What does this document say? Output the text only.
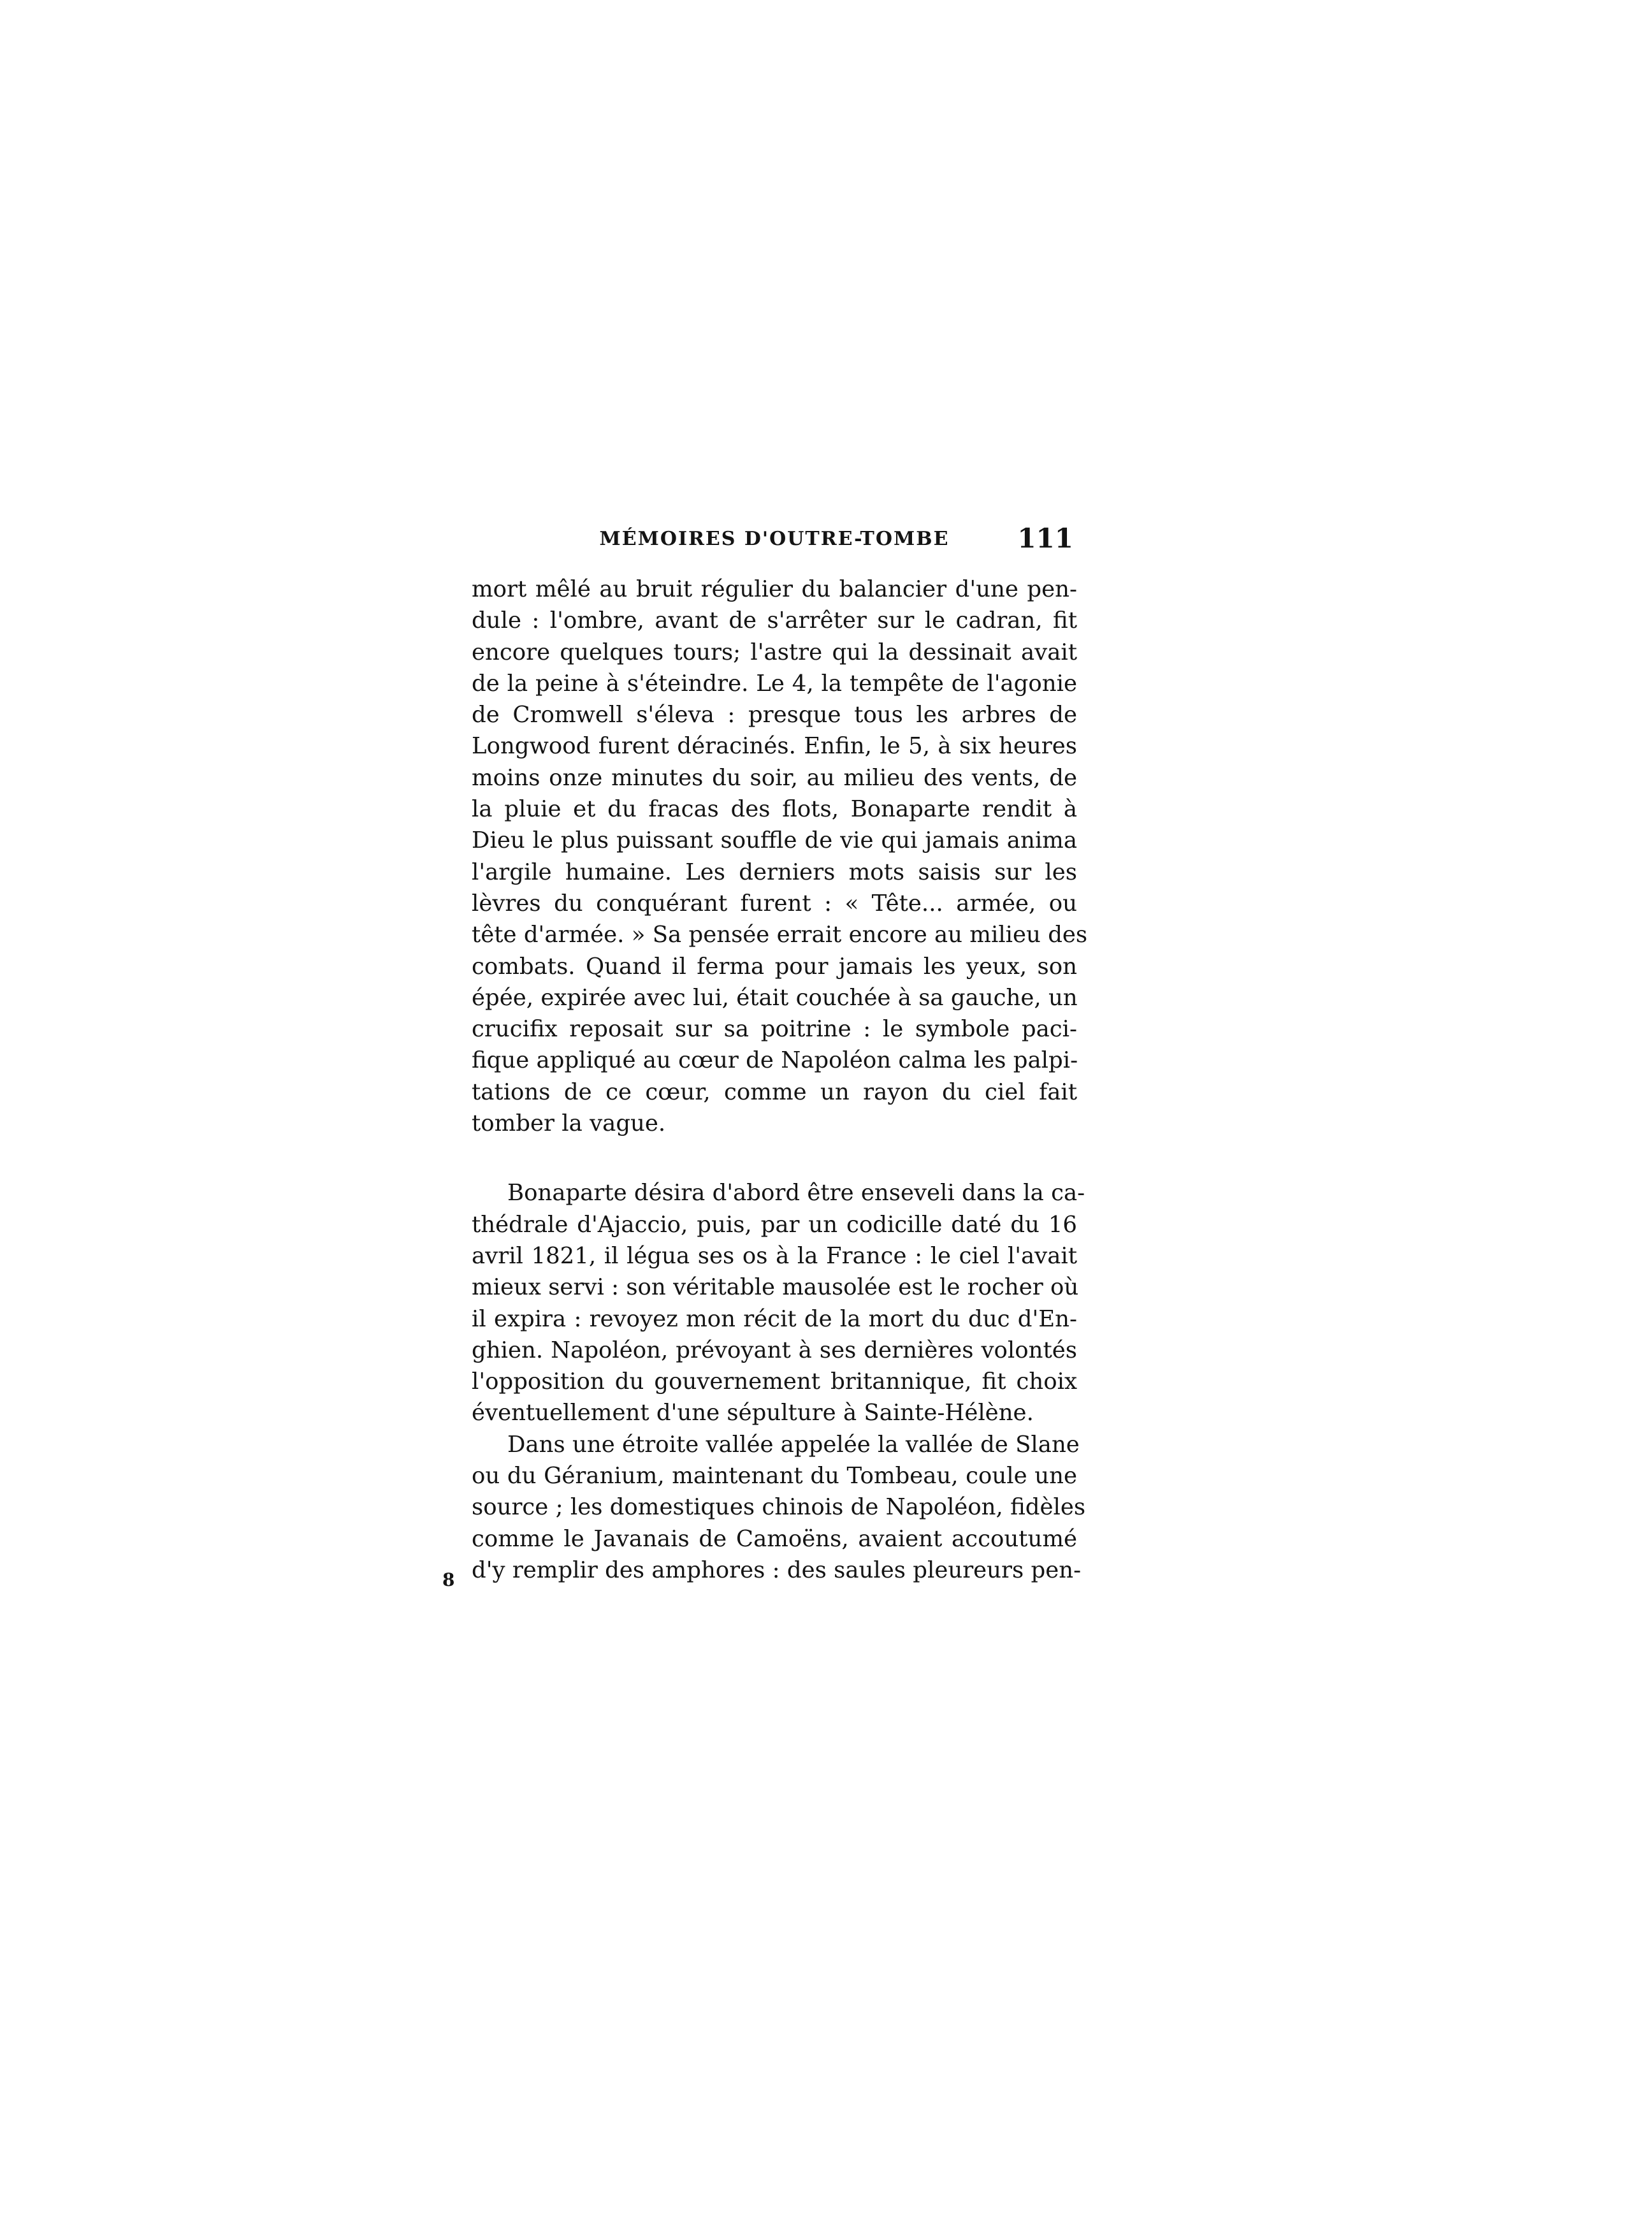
MÉMOIRES D'OUTRE-TOMBE	111

mort mêlé au bruit régulier du balancier d'une pen-
dule : l'ombre, avant de s'arrêter sur le cadran, fit
encore quelques tours; l'astre qui la dessinait avait
de la peine à s'éteindre. Le 4, la tempête de l'agonie
de Cromwell s'éleva : presque tous les arbres de
Longwood furent déracinés. Enfin, le 5, à six heures
moins onze minutes du soir, au milieu des vents, de
la pluie et du fracas des flots, Bonaparte rendit à
Dieu le plus puissant souffle de vie qui jamais anima
l'argile humaine. Les derniers mots saisis sur les
lèvres du conquérant furent : « Tête... armée, ou
tête d'armée. » Sa pensée errait encore au milieu des
combats. Quand il ferma pour jamais les yeux, son
épée, expirée avec lui, était couchée à sa gauche, un
crucifix reposait sur sa poitrine : le symbole paci-
fique appliqué au cœur de Napoléon calma les palpi-
tations de ce cœur, comme un rayon du ciel fait
tomber la vague.

Bonaparte désira d'abord être enseveli dans la ca-
thédrale d'Ajaccio, puis, par un codicille daté du 16
avril 1821, il légua ses os à la France : le ciel l'avait
mieux servi : son véritable mausolée est le rocher où
il expira : revoyez mon récit de la mort du duc d'En-
ghien. Napoléon, prévoyant à ses dernières volontés
l'opposition du gouvernement britannique, fit choix
éventuellement d'une sépulture à Sainte-Hélène.

Dans une étroite vallée appelée la vallée de Slane
ou du Géranium, maintenant du Tombeau, coule une
source ; les domestiques chinois de Napoléon, fidèles
comme le Javanais de Camoëns, avaient accoutumé
d'y remplir des amphores : des saules pleureurs pen-

8
